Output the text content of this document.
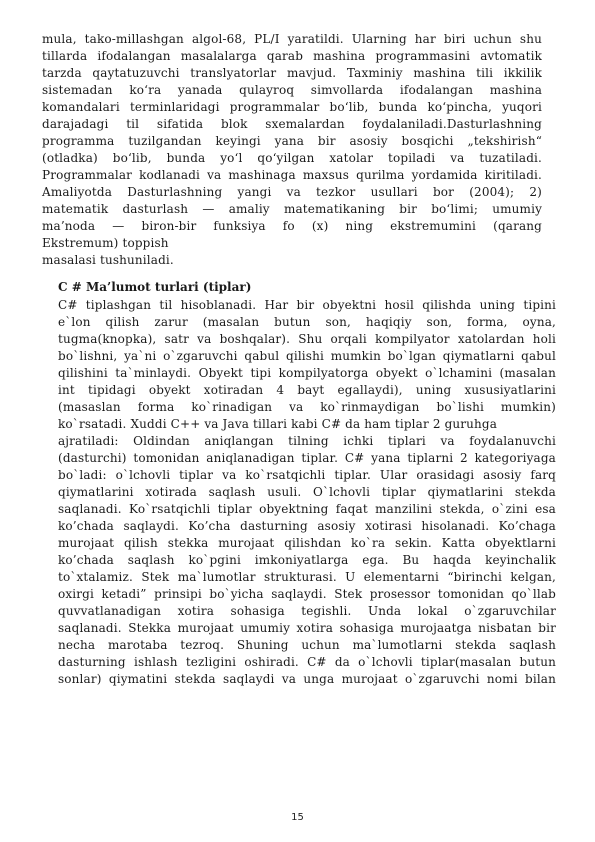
mula, tako-millashgan algol-68, PL/I yaratildi. Ularning har biri uchun shu
tillarda ifodalangan masalalarga qarab mashina programmasini avtomatik
tarzda qaytatuzuvchi translyatorlar mavjud. Taxminiy mashina tili ikkilik
sistemadan ko‘ra yanada qulayroq simvollarda ifodalangan mashina
komandalari terminlaridagi programmalar bo‘lib, bunda ko‘pincha, yuqori
darajadagi til sifatida blok sxemalardan foydalaniladi.Dasturlashning
programma tuzilgandan keyingi yana bir asosiy bosqichi „tekshirish“
(otladka) bo‘lib, bunda yo‘l qo‘yilgan xatolar topiladi va tuzatiladi.
Programmalar kodlanadi va mashinaga maxsus qurilma yordamida kiritiladi.
Amaliyotda Dasturlashning yangi va tezkor usullari bor (2004); 2)
matematik dasturlash — amaliy matematikaning bir bo‘limi; umumiy
ma’noda — biron-bir funksiya fo (x) ning ekstremumini (qarang
Ekstremum) toppish
masalasi tushuniladi.
C # Ma’lumot turlari (tiplar)
C# tiplashgan til hisoblanadi. Har bir obyektni hosil qilishda uning tipini
e`lon qilish zarur (masalan butun son, haqiqiy son, forma, oyna,
tugma(knopka), satr va boshqalar). Shu orqali kompilyator xatolardan holi
bo`lishni, ya`ni o`zgaruvchi qabul qilishi mumkin bo`lgan qiymatlarni qabul
qilishini ta`minlaydi. Obyekt tipi kompilyatorga obyekt o`lchamini (masalan
int tipidagi obyekt xotiradan 4 bayt egallaydi), uning xususiyatlarini
(masaslan forma ko`rinadigan va ko`rinmaydigan bo`lishi mumkin)
ko`rsatadi. Xuddi C++ va Java tillari kabi C# da ham tiplar 2 guruhga
ajratiladi: Oldindan aniqlangan tilning ichki tiplari va foydalanuvchi
(dasturchi) tomonidan aniqlanadigan tiplar. C# yana tiplarni 2 kategoriyaga
bo`ladi: o`lchovli tiplar va ko`rsatqichli tiplar. Ular orasidagi asosiy farq
qiymatlarini xotirada saqlash usuli. O`lchovli tiplar qiymatlarini stekda
saqlanadi. Ko`rsatqichli tiplar obyektning faqat manzilini stekda, o`zini esa
ko’chada saqlaydi. Ko’cha dasturning asosiy xotirasi hisolanadi. Ko’chaga
murojaat qilish stekka murojaat qilishdan ko`ra sekin. Katta obyektlarni
ko’chada saqlash ko`pgini imkoniyatlarga ega. Bu haqda keyinchalik
to`xtalamiz. Stek ma`lumotlar strukturasi. U elementarni “birinchi kelgan,
oxirgi ketadi” prinsipi bo`yicha saqlaydi. Stek prosessor tomonidan qo`llab
quvvatlanadigan xotira sohasiga tegishli. Unda lokal o`zgaruvchilar
saqlanadi. Stekka murojaat umumiy xotira sohasiga murojaatga nisbatan bir
necha marotaba tezroq. Shuning uchun ma`lumotlarni stekda saqlash
dasturning ishlash tezligini oshiradi. C# da o`lchovli tiplar(masalan butun
sonlar) qiymatini stekda saqlaydi va unga murojaat o`zgaruvchi nomi bilan
15
